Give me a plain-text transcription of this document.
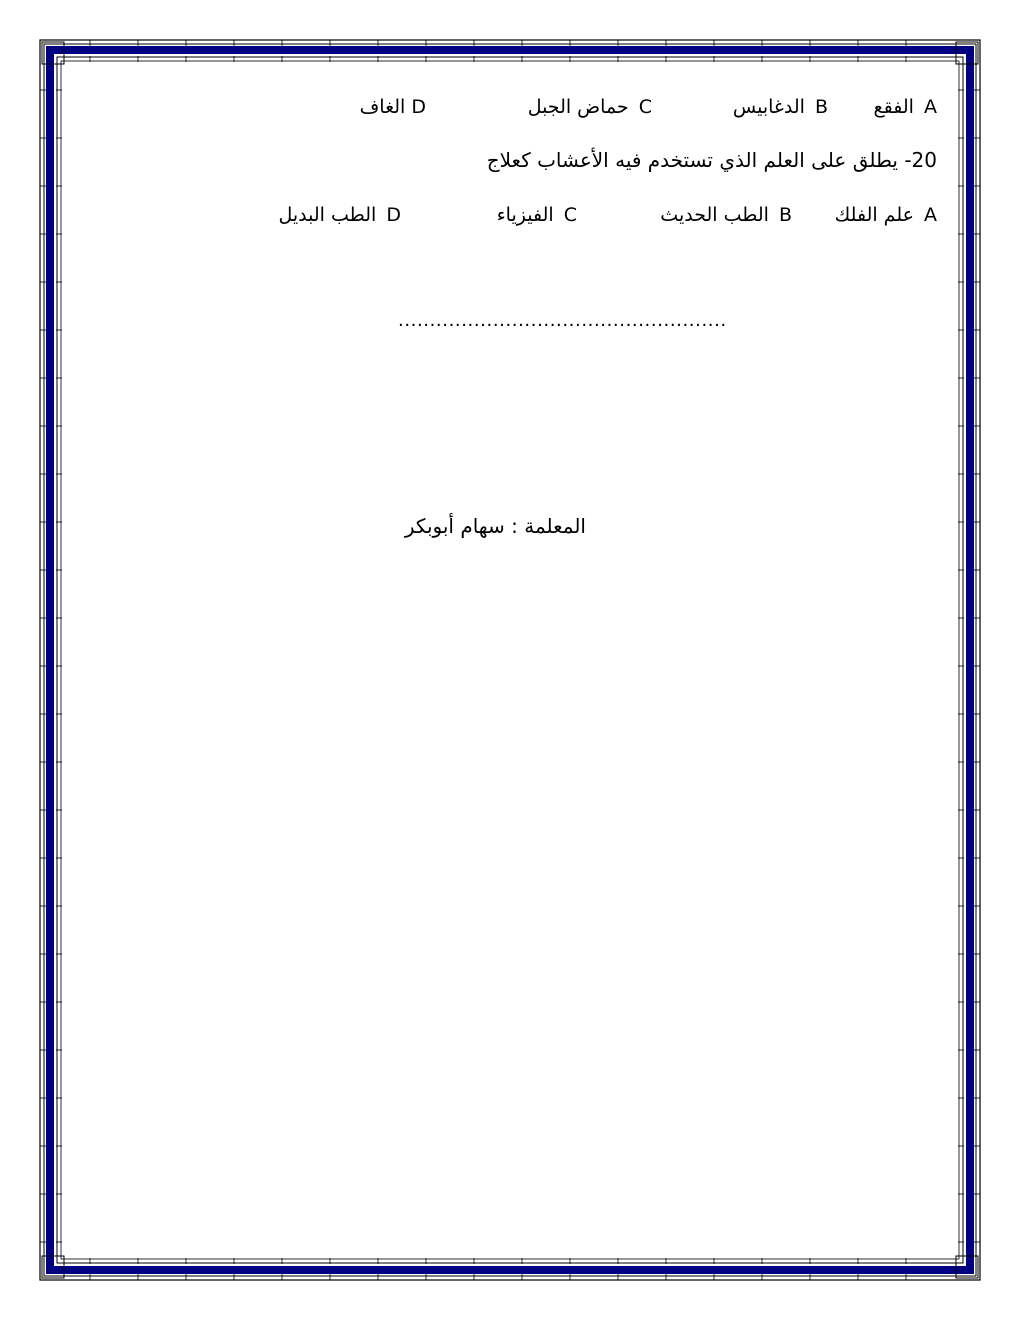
A الفقع
B الدغابيس
C حماض الجبل
D الغاف
20- يطلق على العلم الذي تستخدم فيه الأعشاب كعلاج
A علم الفلك
B الطب الحديث
C الفيزياء
D الطب البديل
....................................................
المعلمة : سهام أبوبكر
